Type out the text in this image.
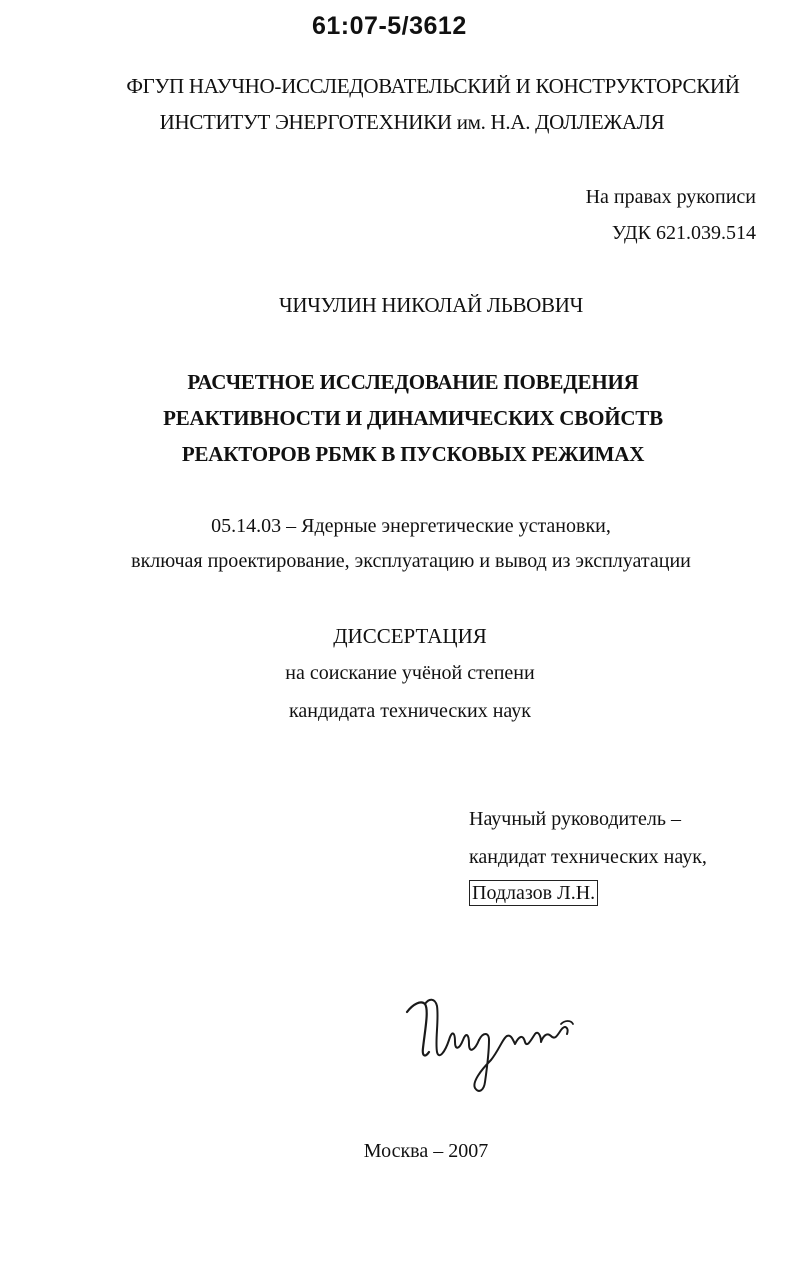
61:07-5/3612
ФГУП НАУЧНО-ИССЛЕДОВАТЕЛЬСКИЙ И КОНСТРУКТОРСКИЙ
ИНСТИТУТ ЭНЕРГОТЕХНИКИ им. Н.А. ДОЛЛЕЖАЛЯ
На правах рукописи
УДК 621.039.514
ЧИЧУЛИН НИКОЛАЙ ЛЬВОВИЧ
РАСЧЕТНОЕ ИССЛЕДОВАНИЕ ПОВЕДЕНИЯ
РЕАКТИВНОСТИ И ДИНАМИЧЕСКИХ СВОЙСТВ
РЕАКТОРОВ РБМК В ПУСКОВЫХ РЕЖИМАХ
05.14.03 – Ядерные энергетические установки,
включая проектирование, эксплуатацию и вывод из эксплуатации
ДИССЕРТАЦИЯ
на соискание учёной степени
кандидата технических наук
Научный руководитель –
кандидат технических наук,
Подлазов Л.Н.
Москва – 2007
